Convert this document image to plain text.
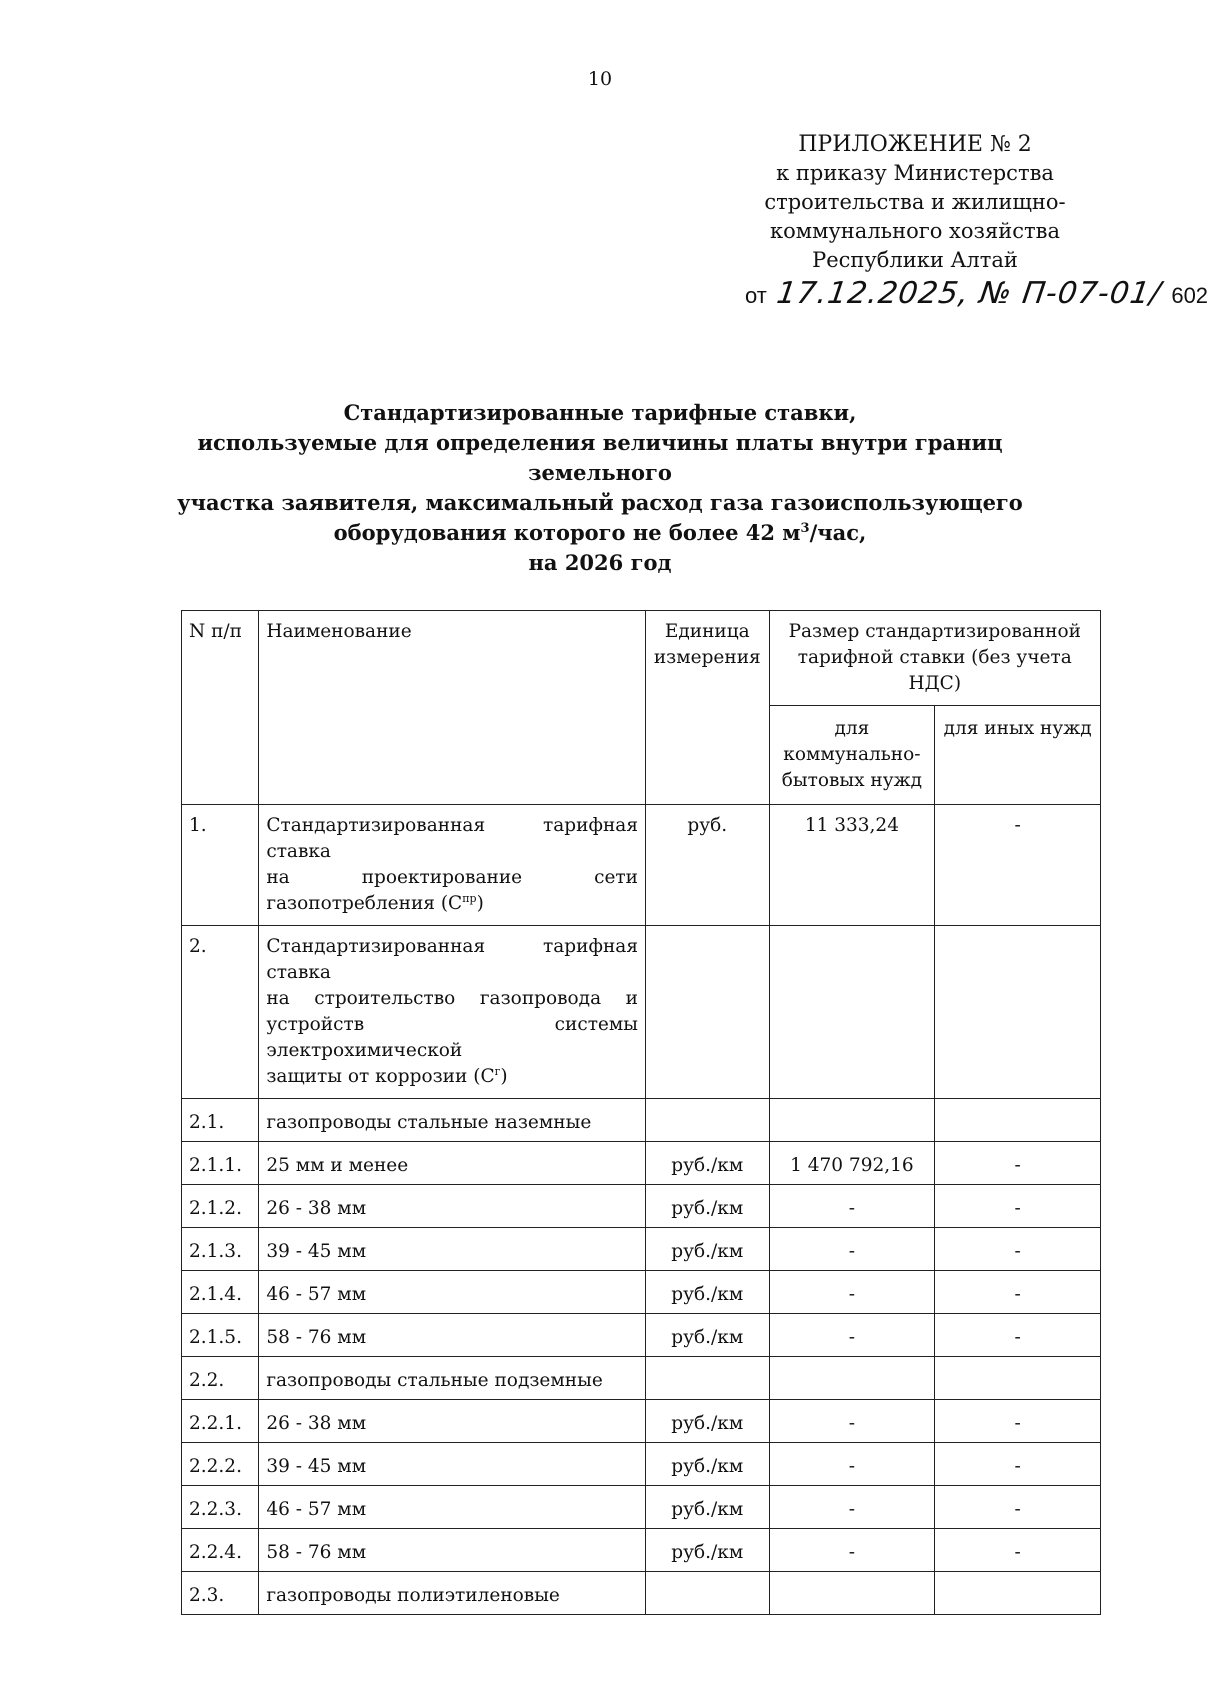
10
ПРИЛОЖЕНИЕ № 2
к приказу Министерства
строительства и жилищно-
коммунального хозяйства
Республики Алтай
от 17.12.2025, № П-07-01/ 602
Стандартизированные тарифные ставки,
используемые для определения величины платы внутри границ земельного
участка заявителя, максимальный расход газа газоиспользующего
оборудования которого не более 42 $м^3$/час,
на 2026 год
N п/п	Наименование	Единица измерения	Размер стандартизированной тарифной ставки (без учета НДС)	
			для коммунально-бытовых нужд	для иных нужд
1.	Стандартизированная тарифная ставка
на проектирование сети
газопотребления $(С^{пр})$	руб.	11 333,24	-
2.	Стандартизированная тарифная ставка
на строительство газопровода и
устройств системы электрохимической
защиты от коррозии $(С^г)$			
2.1.	газопроводы стальные наземные			
2.1.1.	25 мм и менее	руб./км	1 470 792,16	-
2.1.2.	26 - 38 мм	руб./км	-	-
2.1.3.	39 - 45 мм	руб./км	-	-
2.1.4.	46 - 57 мм	руб./км	-	-
2.1.5.	58 - 76 мм	руб./км	-	-
2.2.	газопроводы стальные подземные			
2.2.1.	26 - 38 мм	руб./км	-	-
2.2.2.	39 - 45 мм	руб./км	-	-
2.2.3.	46 - 57 мм	руб./км	-	-
2.2.4.	58 - 76 мм	руб./км	-	-
2.3.	газопроводы полиэтиленовые			
